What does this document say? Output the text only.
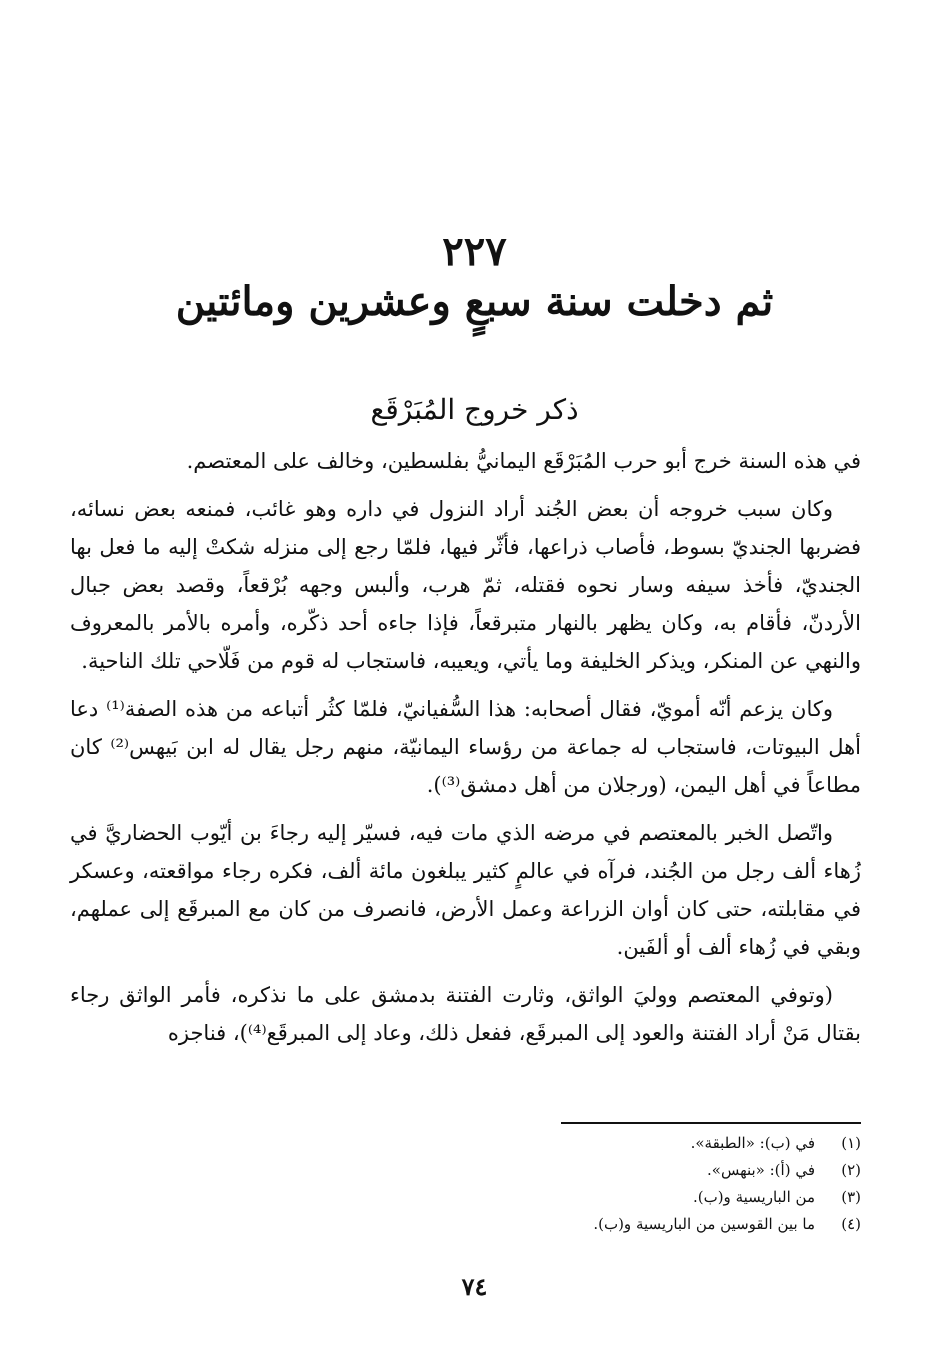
٢٢٧
ثم دخلت سنة سبعٍ وعشرين ومائتين
ذكر خروج المُبَرْقَع

في هذه السنة خرج أبو حرب المُبَرْقَع اليمانيُّ بفلسطين، وخالف على المعتصم.

وكان سبب خروجه أن بعض الجُند أراد النزول في داره وهو غائب، فمنعه بعض نسائه، فضربها الجنديّ بسوط، فأصاب ذراعها، فأثّر فيها، فلمّا رجع إلى منزله شكتْ إليه ما فعل بها الجنديّ، فأخذ سيفه وسار نحوه فقتله، ثمّ هرب، وألبس وجهه بُرْقعاً، وقصد بعض جبال الأردنّ، فأقام به، وكان يظهر بالنهار متبرقعاً، فإذا جاءه أحد ذكّره، وأمره بالأمر بالمعروف والنهي عن المنكر، ويذكر الخليفة وما يأتي، ويعيبه، فاستجاب له قوم من فَلّاحي تلك الناحية.

وكان يزعم أنّه أمويّ، فقال أصحابه: هذا السُّفيانيّ، فلمّا كثُر أتباعه من هذه الصفة⁽¹⁾ دعا أهل البيوتات، فاستجاب له جماعة من رؤساء اليمانيّة، منهم رجل يقال له ابن بَيهس⁽²⁾ كان مطاعاً في أهل اليمن، (ورجلان من أهل دمشق⁽³⁾).

واتّصل الخبر بالمعتصم في مرضه الذي مات فيه، فسيّر إليه رجاءَ بن أيّوب الحضاريَّ في زُهاء ألف رجل من الجُند، فرآه في عالمٍ كثير يبلغون مائة ألف، فكره رجاء مواقعته، وعسكر في مقابلته، حتى كان أوان الزراعة وعمل الأرض، فانصرف من كان مع المبرقَع إلى عملهم، وبقي في زُهاء ألف أو ألفَين.

(وتوفي المعتصم ووليَ الواثق، وثارت الفتنة بدمشق على ما نذكره، فأمر الواثق رجاء بقتال مَنْ أراد الفتنة والعود إلى المبرقَع، ففعل ذلك، وعاد إلى المبرقَع⁽⁴⁾)، فناجزه

(١)
في (ب): «الطبقة».
(٢)
في (أ): «بنهس».
(٣)
من الباريسية و(ب).
(٤)
ما بين القوسين من الباريسية و(ب).
٧٤
